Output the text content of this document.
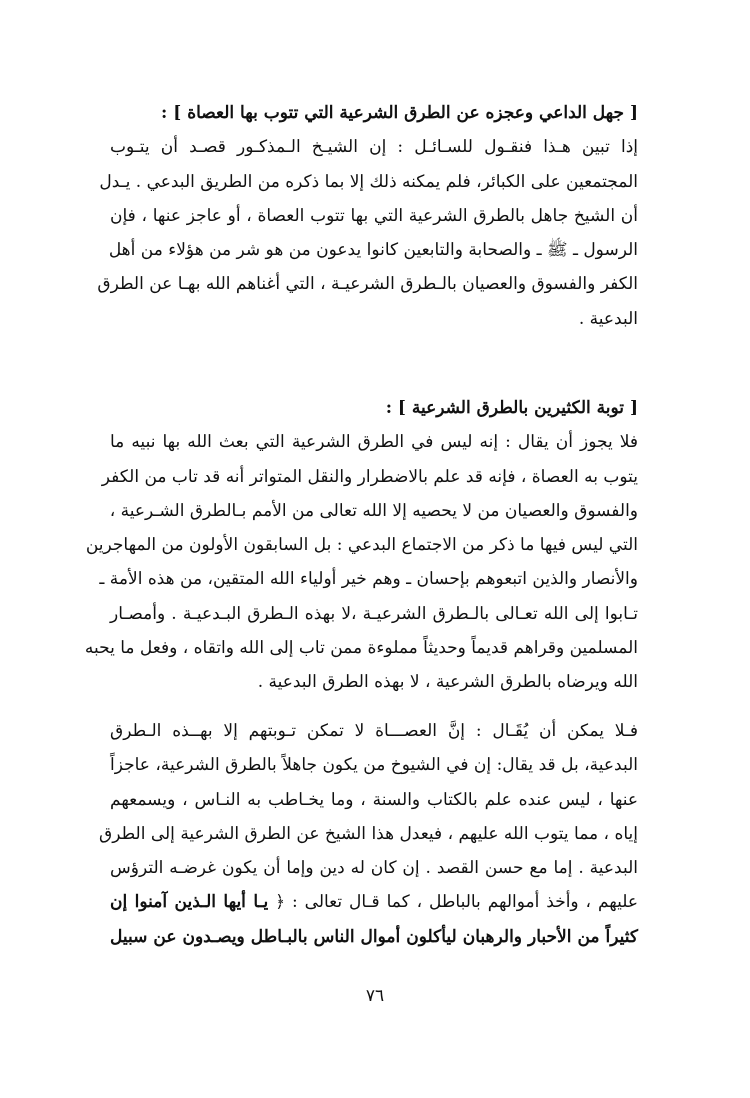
[ جهل الداعي وعجزه عن الطرق الشرعية التي تتوب بها العصاة ] :
إذا تبين هـذا فنقـول للسـائـل : إن الشيـخ الـمذكـور قصـد أن يتـوب
المجتمعين على الكبائر، فلم يمكنه ذلك إلا بما ذكره من الطريق البدعي . يـدل
أن الشيخ جاهل بالطرق الشرعية التي بها تتوب العصاة ، أو عاجز عنها ، فإن
الرسول ـ ﷺ ـ والصحابة والتابعين كانوا يدعون من هو شر من هؤلاء من أهل
الكفر والفسوق والعصيان بالـطرق الشرعيـة ، التي أغناهم الله بهـا عن الطرق
البدعية .
[ توبة الكثيرين بالطرق الشرعية ] :
فلا يجوز أن يقال : إنه ليس في الطرق الشرعية التي بعث الله بها نبيه ما
يتوب به العصاة ، فإنه قد علم بالاضطرار والنقل المتواتر أنه قد تاب من الكفر
والفسوق والعصيان من لا يحصيه إلا الله تعالى من الأمم بـالطرق الشـرعية ،
التي ليس فيها ما ذكر من الاجتماع البدعي : بل السابقون الأولون من المهاجرين
والأنصار والذين اتبعوهم بإحسان ـ وهم خير أولياء الله المتقين، من هذه الأمة ـ
تـابوا إلى الله تعـالى بالـطرق الشرعيـة ،لا بهذه الـطرق البـدعيـة . وأمصـار
المسلمين وقراهم قديماً وحديثاً مملوءة ممن تاب إلى الله واتقاه ، وفعل ما يحبه
الله ويرضاه بالطرق الشرعية ، لا بهذه الطرق البدعية .
فـلا يمكن أن يُقَـال : إنَّ العصـــاة لا تمكن تـوبتهم إلا بهــذه الـطرق
البدعية، بل قد يقال: إن في الشيوخ من يكون جاهلاً بالطرق الشرعية، عاجزاً
عنها ، ليس عنده علم بالكتاب والسنة ، وما يخـاطب به النـاس ، ويسمعهم
إياه ، مما يتوب الله عليهم ، فيعدل هذا الشيخ عن الطرق الشرعية إلى الطرق
البدعية . إما مع حسن القصد . إن كان له دين وإما أن يكون غرضـه الترؤس
عليهم ، وأخذ أموالهم بالباطل ، كما قـال تعالى : ﴿ يـا أيها الـذين آمنوا إن
كثيراً من الأحبار والرهبان ليأكلون أموال الناس بالبـاطل ويصـدون عن سبيل
٧٦
